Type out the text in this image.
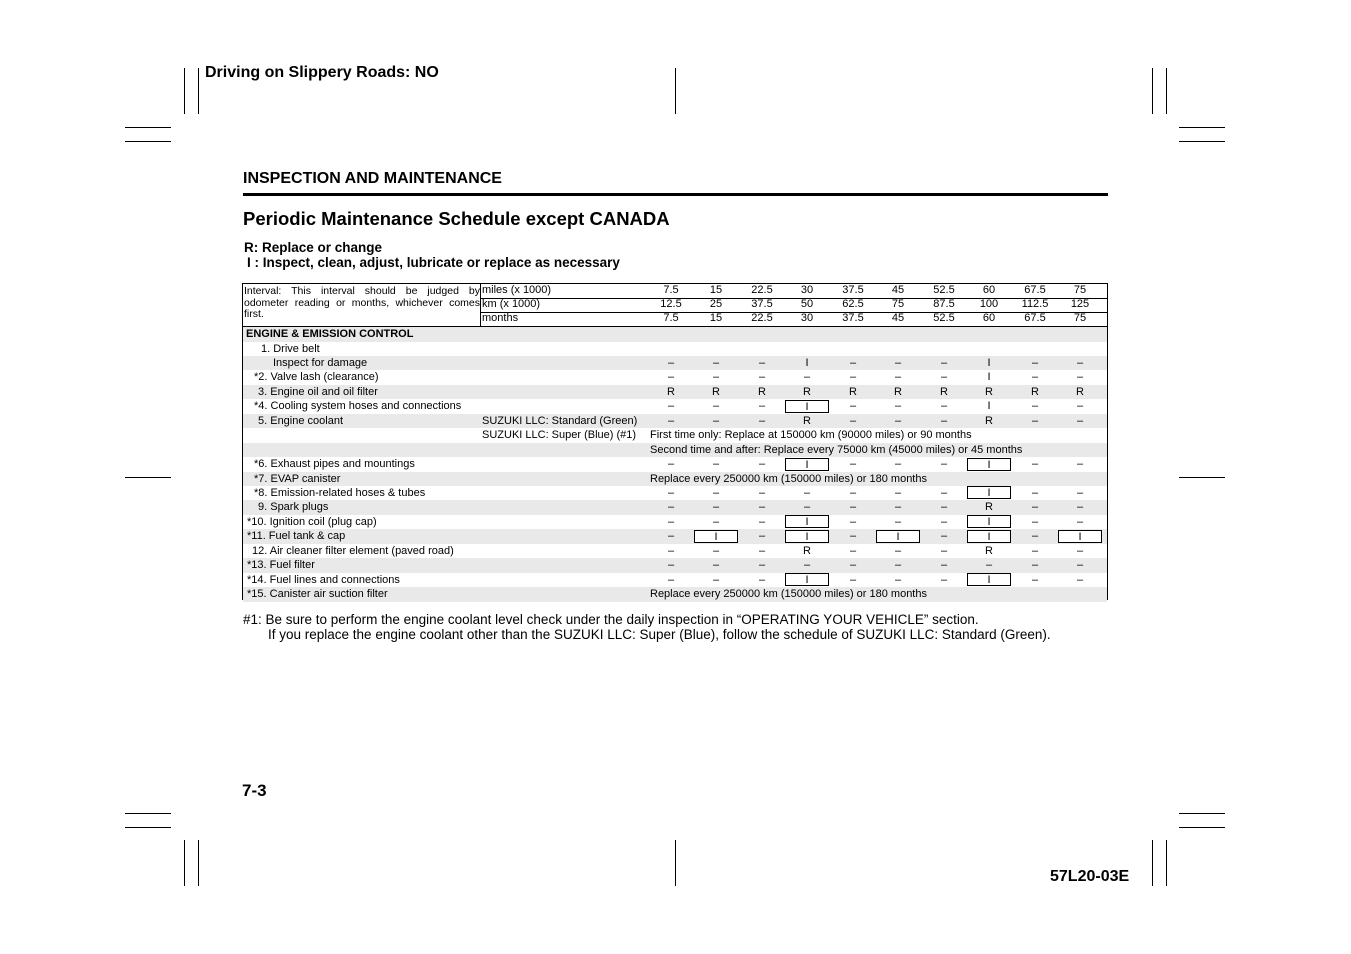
Driving on Slippery Roads: NO
INSPECTION AND MAINTENANCE
Periodic Maintenance Schedule except CANADA
R: Replace or change
I : Inspect, clean, adjust, lubricate or replace as necessary
Interval: This interval should be judged by odometer reading or months, whichever comes first.
miles (x 1000)	7.5	15	22.5	30	37.5	45	52.5	60	67.5	75
km (x 1000)	12.5	25	37.5	50	62.5	75	87.5	100	112.5	125
months	7.5	15	22.5	30	37.5	45	52.5	60	67.5	75
ENGINE & EMISSION CONTROL
1. Drive belt
Inspect for damage	–	–	–	I	–	–	–	I	–	–
*2. Valve lash (clearance)	–	–	–	–	–	–	–	I	–	–
3. Engine oil and oil filter	R	R	R	R	R	R	R	R	R	R
*4. Cooling system hoses and connections	–	–	–	I	–	–	–	I	–	–
5. Engine coolant	SUZUKI LLC: Standard (Green)	–	–	–	R	–	–	–	R	–	–
SUZUKI LLC: Super (Blue) (#1) First time only: Replace at 150000 km (90000 miles) or 90 months
Second time and after: Replace every 75000 km (45000 miles) or 45 months
*6. Exhaust pipes and mountings	–	–	–	I	–	–	–	I	–	–
*7. EVAP canister	Replace every 250000 km (150000 miles) or 180 months
*8. Emission-related hoses & tubes	–	–	–	–	–	–	–	I	–	–
9. Spark plugs	–	–	–	–	–	–	–	R	–	–
*10. Ignition coil (plug cap)	–	–	–	I	–	–	–	I	–	–
*11. Fuel tank & cap	–	I	–	I	–	I	–	I	–	I
12. Air cleaner filter element (paved road)	–	–	–	R	–	–	–	R	–	–
*13. Fuel filter	–	–	–	–	–	–	–	–	–	–
*14. Fuel lines and connections	–	–	–	I	–	–	–	I	–	–
*15. Canister air suction filter	Replace every 250000 km (150000 miles) or 180 months
#1: Be sure to perform the engine coolant level check under the daily inspection in “OPERATING YOUR VEHICLE” section.
If you replace the engine coolant other than the SUZUKI LLC: Super (Blue), follow the schedule of SUZUKI LLC: Standard (Green).
7-3
57L20-03E
